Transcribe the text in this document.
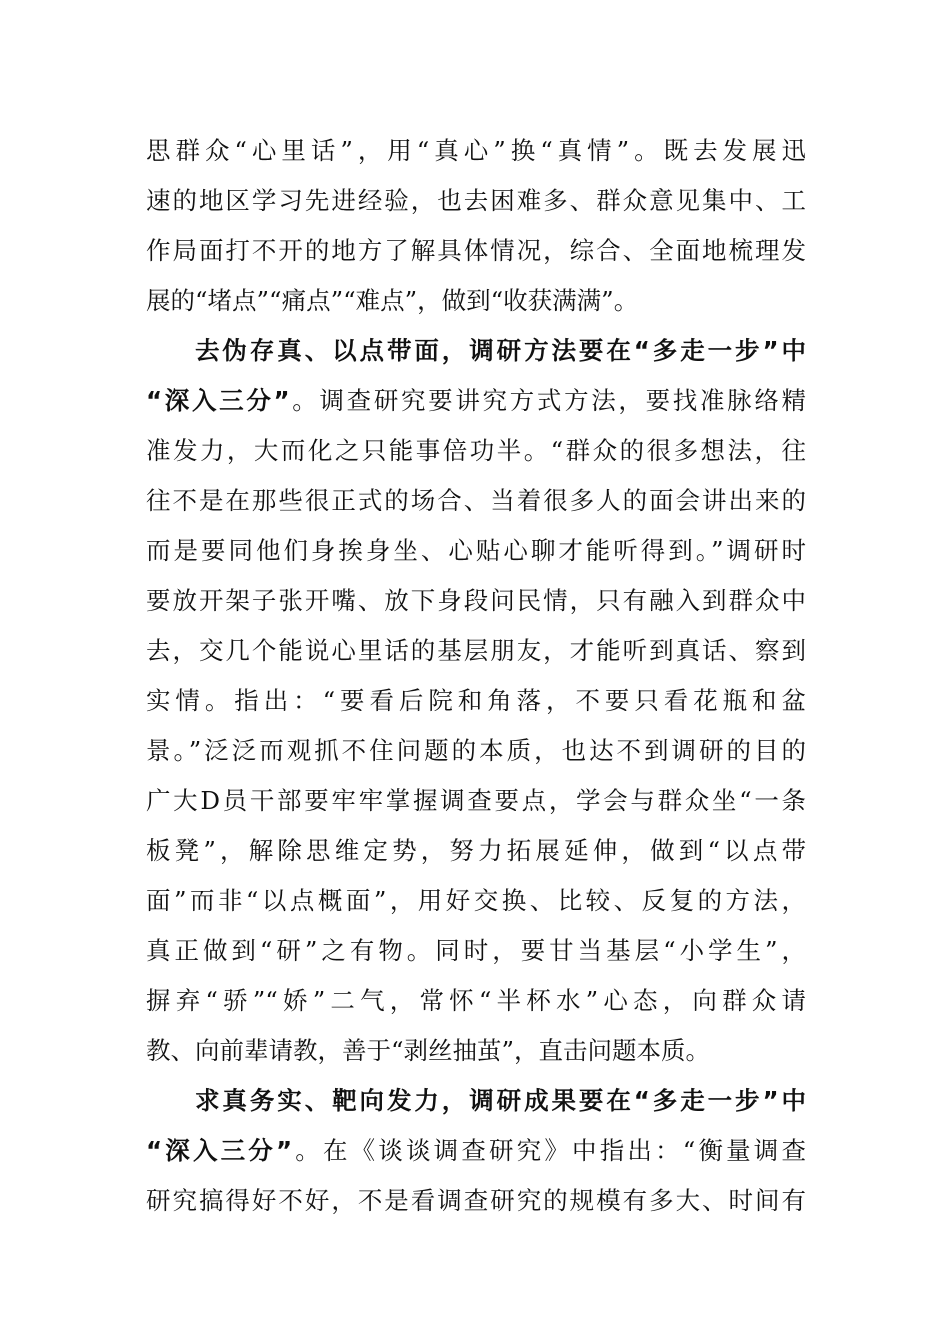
思群众“心里话”，用“真心”换“真情”。既去发展迅
速的地区学习先进经验，也去困难多、群众意见集中、工
作局面打不开的地方了解具体情况，综合、全面地梳理发
展的“堵点”“痛点”“难点”，做到“收获满满”。
去伪存真、以点带面，调研方法要在“多走一步”中
“深入三分”。调查研究要讲究方式方法，要找准脉络精
准发力，大而化之只能事倍功半。“群众的很多想法，往
往不是在那些很正式的场合、当着很多人的面会讲出来的
而是要同他们身挨身坐、心贴心聊才能听得到。”调研时
要放开架子张开嘴、放下身段问民情，只有融入到群众中
去，交几个能说心里话的基层朋友，才能听到真话、察到
实情。指出：“要看后院和角落，不要只看花瓶和盆
景。”泛泛而观抓不住问题的本质，也达不到调研的目的
广大D员干部要牢牢掌握调查要点，学会与群众坐“一条
板凳”，解除思维定势，努力拓展延伸，做到“以点带
面”而非“以点概面”，用好交换、比较、反复的方法，
真正做到“研”之有物。同时，要甘当基层“小学生”，
摒弃“骄”“娇”二气，常怀“半杯水”心态，向群众请
教、向前辈请教，善于“剥丝抽茧”，直击问题本质。
求真务实、靶向发力，调研成果要在“多走一步”中
“深入三分”。在《谈谈调查研究》中指出：“衡量调查
研究搞得好不好，不是看调查研究的规模有多大、时间有
